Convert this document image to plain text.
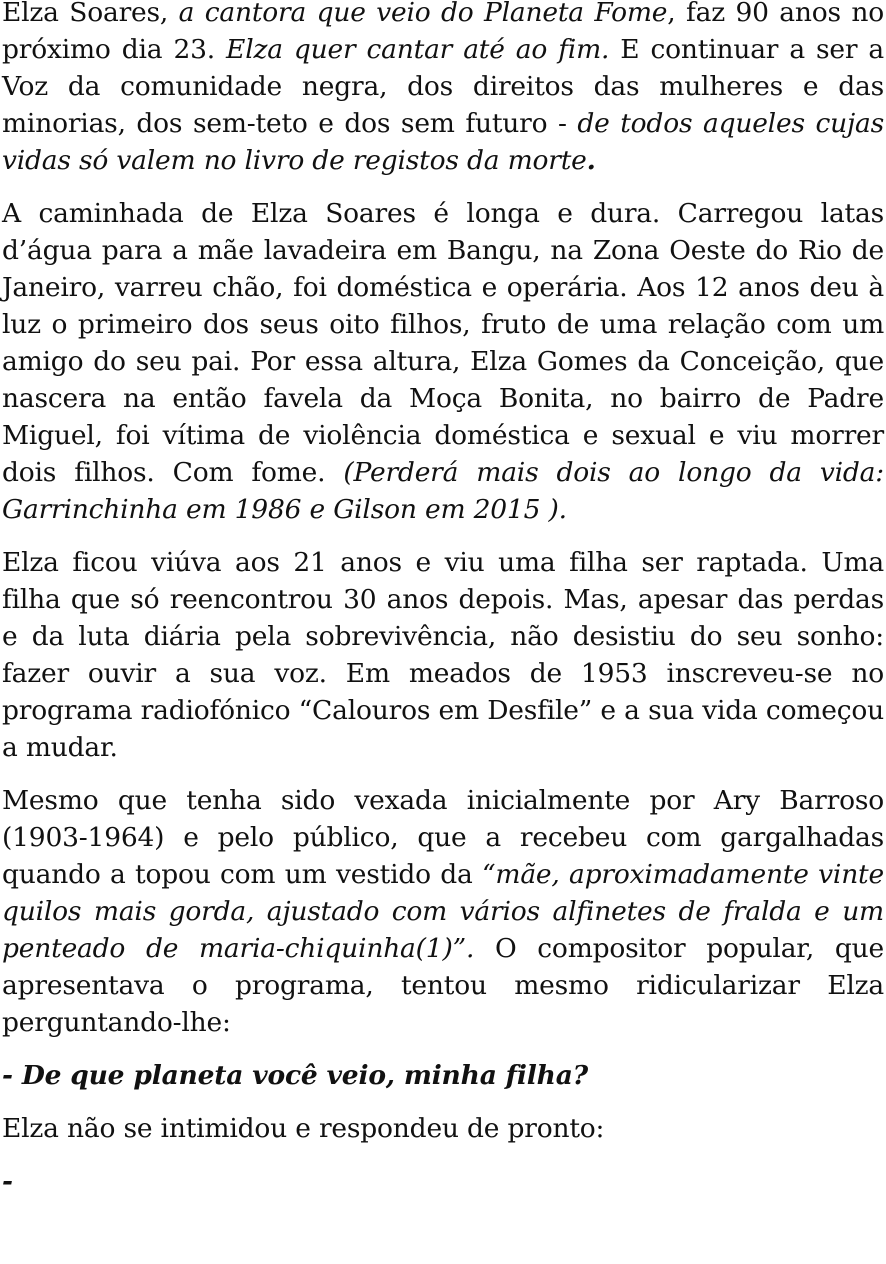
Elza Soares, a cantora que veio do Planeta Fome, faz 90 anos no próximo dia 23. Elza quer cantar até ao fim. E continuar a ser a Voz da comunidade negra, dos direitos das mulheres e das minorias, dos sem-teto e dos sem futuro - de todos aqueles cujas vidas só valem no livro de registos da morte.

A caminhada de Elza Soares é longa e dura. Carregou latas d’água para a mãe lavadeira em Bangu, na Zona Oeste do Rio de Janeiro, varreu chão, foi doméstica e operária. Aos 12 anos deu à luz o primeiro dos seus oito filhos, fruto de uma relação com um amigo do seu pai. Por essa altura, Elza Gomes da Conceição, que nascera na então favela da Moça Bonita, no bairro de Padre Miguel, foi vítima de violência doméstica e sexual e viu morrer dois filhos. Com fome. (Perderá mais dois ao longo da vida: Garrinchinha em 1986 e Gilson em 2015 ).

Elza ficou viúva aos 21 anos e viu uma filha ser raptada. Uma filha que só reencontrou 30 anos depois. Mas, apesar das perdas e da luta diária pela sobrevivência, não desistiu do seu sonho: fazer ouvir a sua voz. Em meados de 1953 inscreveu-se no programa radiofónico “Calouros em Desfile” e a sua vida começou a mudar.

Mesmo que tenha sido vexada inicialmente por Ary Barroso (1903-1964) e pelo público, que a recebeu com gargalhadas quando a topou com um vestido da “mãe, aproximadamente vinte quilos mais gorda, ajustado com vários alfinetes de fralda e um penteado de maria-chiquinha(1)”. O compositor popular, que apresentava o programa, tentou mesmo ridicularizar Elza perguntando-lhe:

- De que planeta você veio, minha filha?

Elza não se intimidou e respondeu de pronto:

-
